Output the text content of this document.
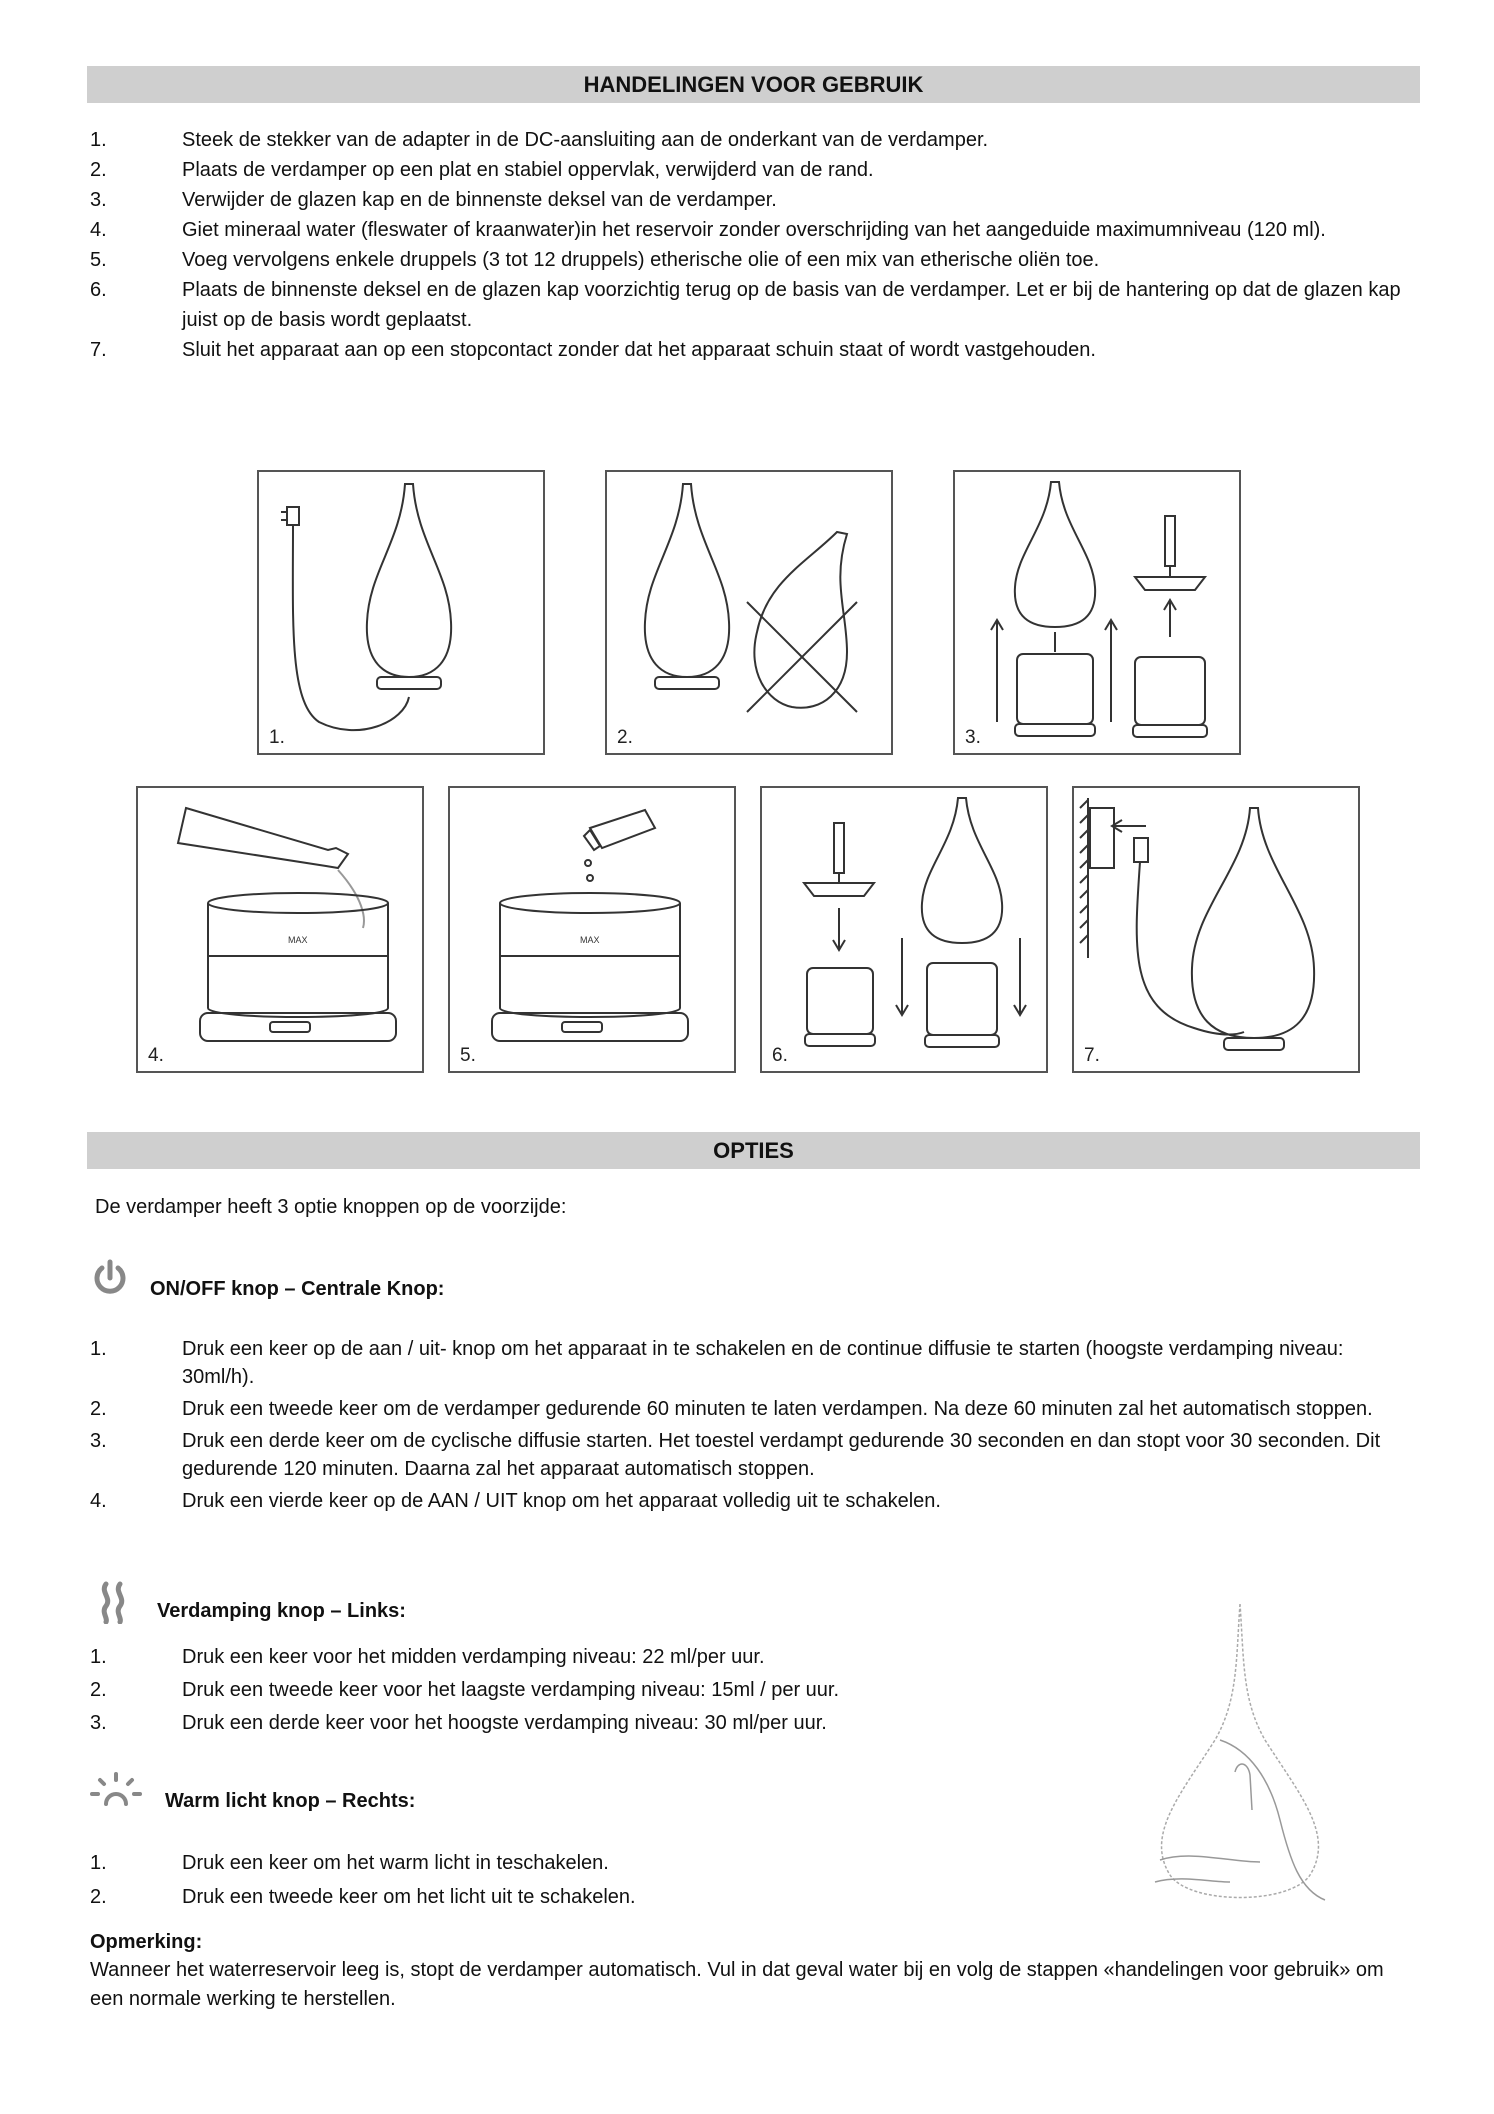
HANDELINGEN VOOR GEBRUIK
1.	Steek de stekker van de adapter in de DC-aansluiting aan de onderkant van de verdamper.
2.	Plaats de verdamper op een plat en stabiel oppervlak, verwijderd van de rand.
3.	Verwijder de glazen kap en de binnenste deksel van de verdamper.
4.	Giet mineraal water (fleswater of kraanwater)in het reservoir zonder overschrijding van het aangeduide maximumniveau (120 ml).
5.	Voeg vervolgens enkele druppels (3 tot 12 druppels) etherische olie of een mix van etherische oliën toe.
6.	Plaats de binnenste deksel en de glazen kap voorzichtig terug op de basis van de verdamper. Let er bij de hantering op dat de glazen kap juist op de basis wordt geplaatst.
7.	Sluit het apparaat aan op een stopcontact zonder dat het apparaat schuin staat of wordt vastgehouden.
1.	2.	3.
MAX
4.
MAX
5.	6.	7.
OPTIES
De verdamper heeft 3 optie knoppen op de voorzijde:
ON/OFF knop – Centrale Knop:
1.	Druk een keer op de aan / uit- knop om het apparaat in te schakelen en de continue diffusie te starten (hoogste verdamping niveau: 30ml/h).
2.	Druk een tweede keer om de verdamper gedurende 60 minuten te laten verdampen. Na deze 60 minuten zal het automatisch stoppen.
3.	Druk een derde keer om de cyclische diffusie starten. Het toestel verdampt gedurende 30 seconden en dan stopt voor 30 seconden. Dit gedurende 120 minuten. Daarna zal het apparaat automatisch stoppen.
4.	Druk een vierde keer op de AAN / UIT knop om het apparaat volledig uit te schakelen.
Verdamping knop – Links:
1.	Druk een keer voor het midden verdamping niveau: 22 ml/per uur.
2.	Druk een tweede keer voor het laagste verdamping niveau: 15ml / per uur.
3.	Druk een derde keer voor het hoogste verdamping niveau: 30 ml/per uur.
Warm licht knop – Rechts:
1.	Druk een keer om het warm licht in teschakelen.
2.	Druk een tweede keer om het licht uit te schakelen.
Opmerking:
Wanneer het waterreservoir leeg is, stopt de verdamper automatisch. Vul in dat geval water bij en volg de stappen «handelingen voor gebruik» om een normale werking te herstellen.
